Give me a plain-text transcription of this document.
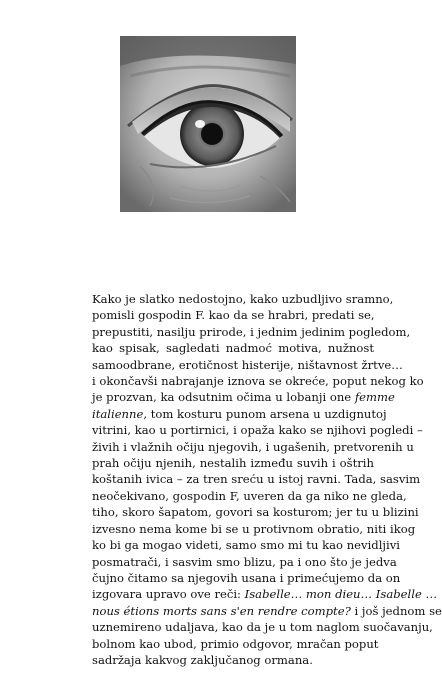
Kako je slatko nedostojno, kako uzbudljivo sramno,
pomisli gospodin F. kao da se hrabri, predati se,
prepustiti, nasilju prirode, i jednim jedinim pogledom,
kao spisak, sagledati nadmoć motiva, nužnost
samoodbrane, erotičnost histerije, ništavnost žrtve…
i okončavši nabrajanje iznova se okreće, poput nekog ko
je prozvan, ka odsutnim očima u lobanji one femme
italienne, tom kosturu punom arsena u uzdignutoj
vitrini, kao u portirnici, i opaža kako se njihovi pogledi –
živih i vlažnih očiju njegovih, i ugašenih, pretvorenih u
prah očiju njenih, nestalih između suvih i oštrih
koštanih ivica – za tren sreću u istoj ravni. Tada, sasvim
neočekivano, gospodin F, uveren da ga niko ne gleda,
tiho, skoro šapatom, govori sa kosturom; jer tu u blizini
izvesno nema kome bi se u protivnom obratio, niti ikog
ko bi ga mogao videti, samo smo mi tu kao nevidljivi
posmatrači, i sasvim smo blizu, pa i ono što je jedva
čujno čitamo sa njegovih usana i primećujemo da on
izgovara upravo ove reči: Isabelle… mon dieu… Isabelle …
nous étions morts sans s'en rendre compte? i još jednom se
uznemireno udaljava, kao da je u tom naglom suočavanju,
bolnom kao ubod, primio odgovor, mračan poput
sadržaja kakvog zaključanog ormana.
